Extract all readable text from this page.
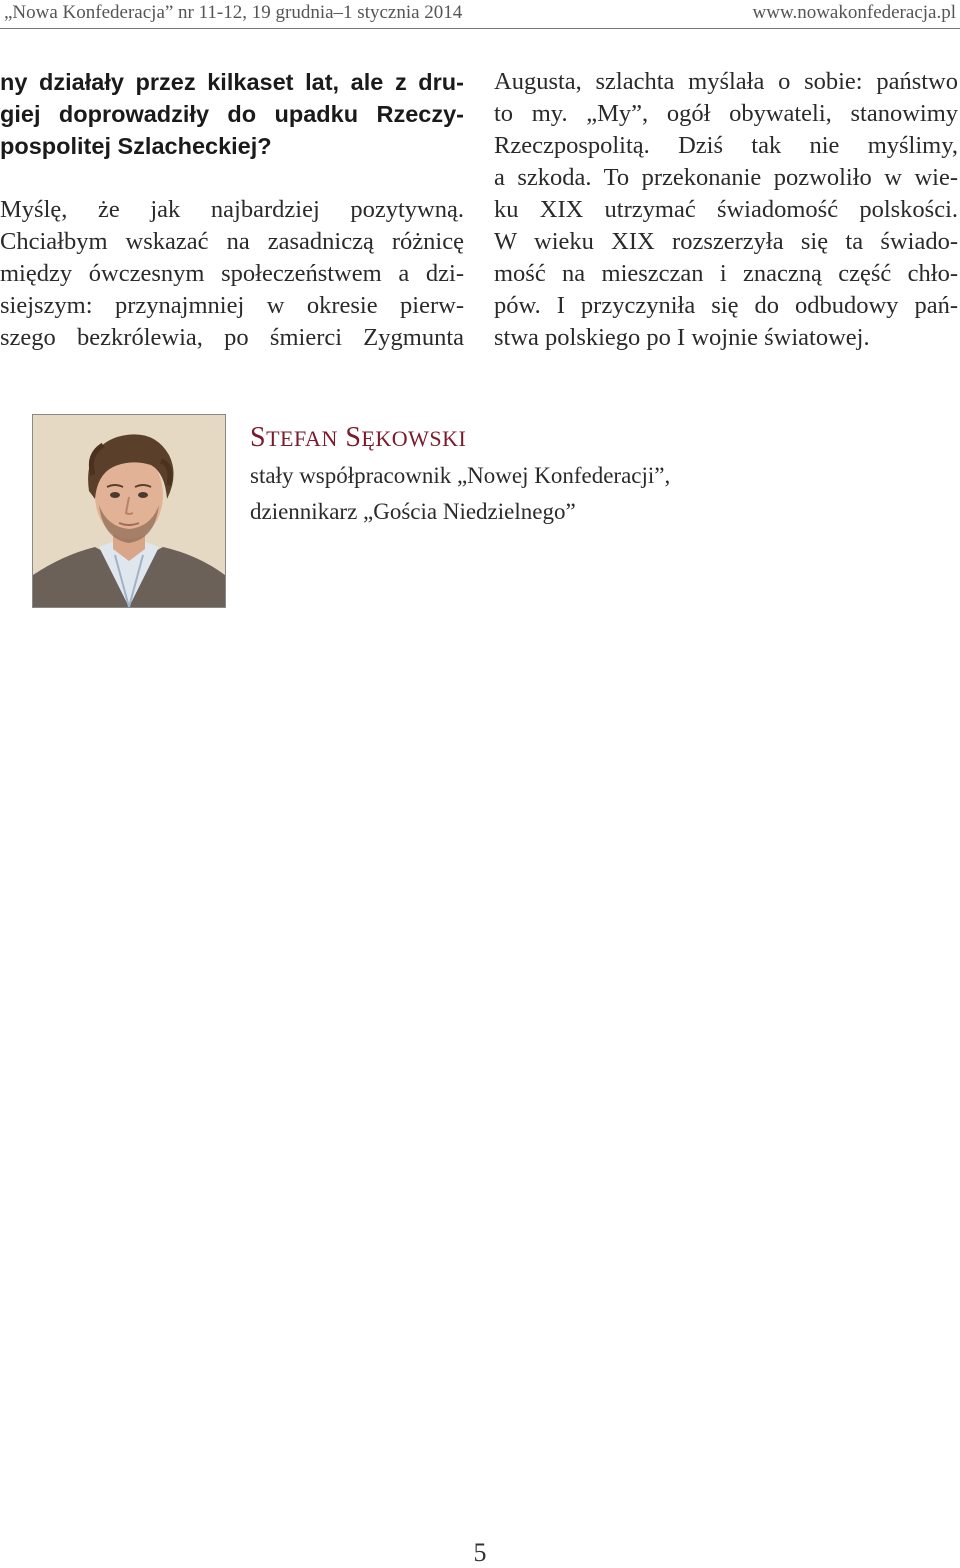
„Nowa Konfederacja” nr 11-12, 19 grudnia–1 stycznia 2014	www.nowakonfederacja.pl
ny działały przez kilkaset lat, ale z dru-
giej doprowadziły do upadku Rzeczy-
pospolitej Szlacheckiej?
Myślę, że jak najbardziej pozytywną.
Chciałbym wskazać na zasadniczą różnicę
między ówczesnym społeczeństwem a dzi-
siejszym: przynajmniej w okresie pierw-
szego bezkrólewia, po śmierci Zygmunta
Augusta, szlachta myślała o sobie: państwo
to my. „My”, ogół obywateli, stanowimy
Rzeczpospolitą. Dziś tak nie myślimy,
a szkoda. To przekonanie pozwoliło w wie-
ku XIX utrzymać świadomość polskości.
W wieku XIX rozszerzyła się ta świado-
mość na mieszczan i znaczną część chło-
pów. I przyczyniła się do odbudowy pań-
stwa polskiego po I wojnie światowej.
STEFAN SĘKOWSKI
stały współpracownik „Nowej Konfederacji”,
dziennikarz „Gościa Niedzielnego”
5
